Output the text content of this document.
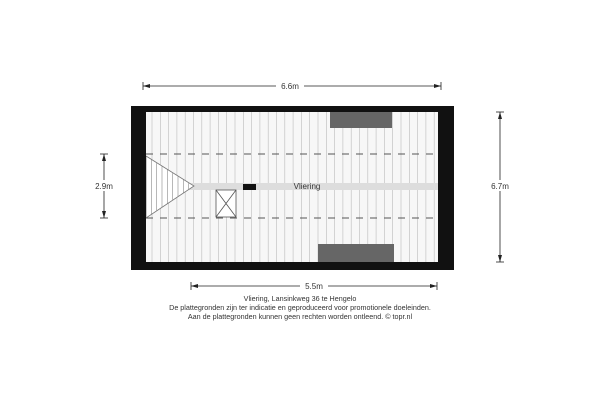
Vliering
6.6m
5.5m
2.9m	6.7m
Vliering, Lansinkweg 36 te Hengelo
De plattegronden zijn ter indicatie en geproduceerd voor promotionele doeleinden.
Aan de plattegronden kunnen geen rechten worden ontleend. © topr.nl
